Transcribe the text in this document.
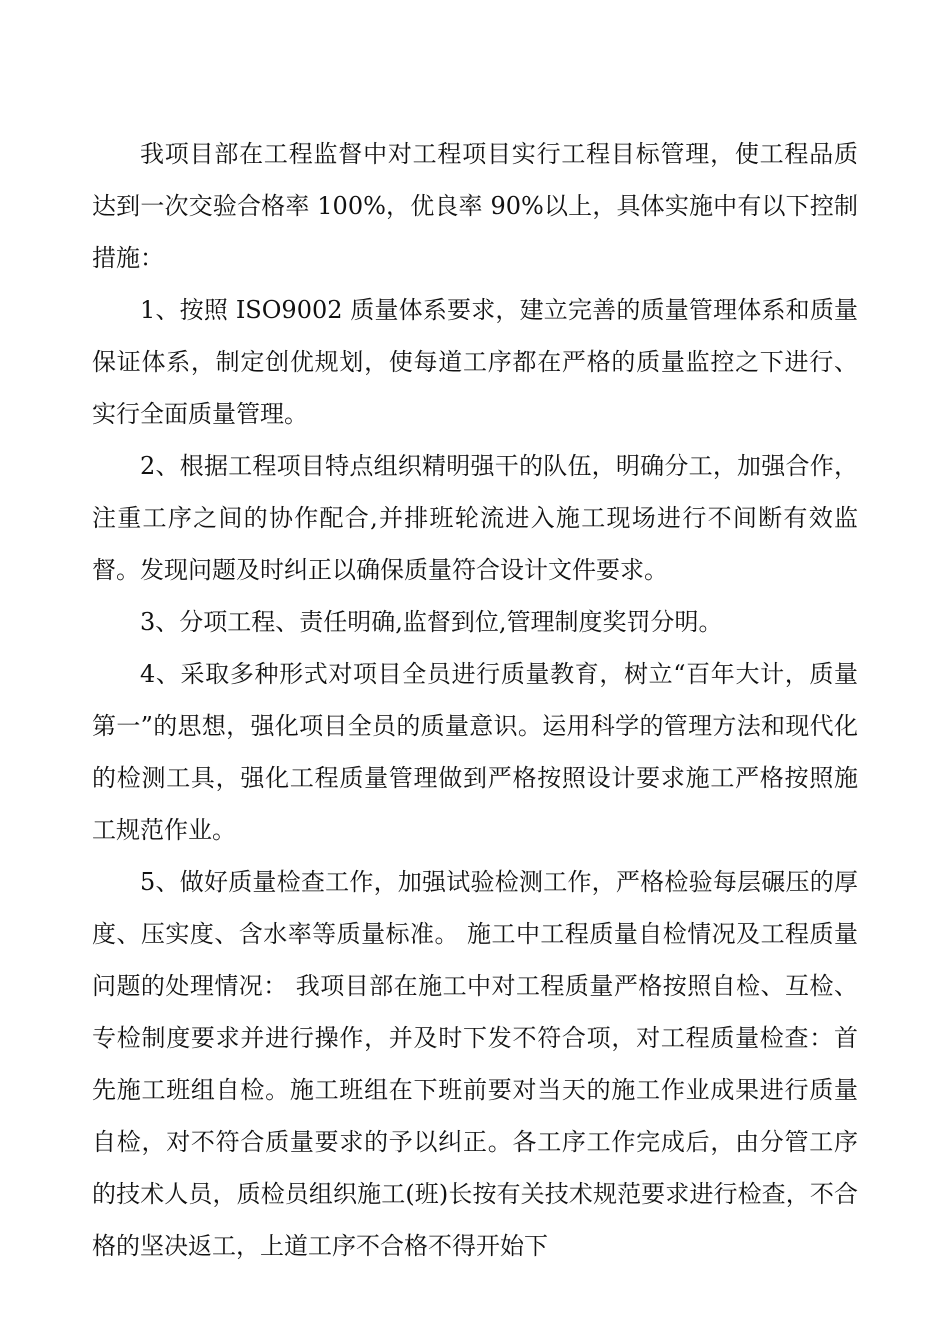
我项目部在工程监督中对工程项目实行工程目标管理，使工程品质达到一次交验合格率 100%，优良率 90%以上，具体实施中有以下控制措施：

1、按照 ISO9002 质量体系要求，建立完善的质量管理体系和质量保证体系，制定创优规划，使每道工序都在严格的质量监控之下进行、实行全面质量管理。

2、根据工程项目特点组织精明强干的队伍，明确分工，加强合作，注重工序之间的协作配合,并排班轮流进入施工现场进行不间断有效监督。发现问题及时纠正以确保质量符合设计文件要求。

3、分项工程、责任明确,监督到位,管理制度奖罚分明。

4、采取多种形式对项目全员进行质量教育，树立“百年大计，质量第一”的思想，强化项目全员的质量意识。运用科学的管理方法和现代化的检测工具，强化工程质量管理做到严格按照设计要求施工严格按照施工规范作业。

5、做好质量检查工作，加强试验检测工作，严格检验每层碾压的厚度、压实度、含水率等质量标准。 施工中工程质量自检情况及工程质量问题的处理情况： 我项目部在施工中对工程质量严格按照自检、互检、专检制度要求并进行操作，并及时下发不符合项，对工程质量检查：首先施工班组自检。施工班组在下班前要对当天的施工作业成果进行质量自检，对不符合质量要求的予以纠正。各工序工作完成后，由分管工序的技术人员，质检员组织施工(班)长按有关技术规范要求进行检查，不合格的坚决返工，上道工序不合格不得开始下
